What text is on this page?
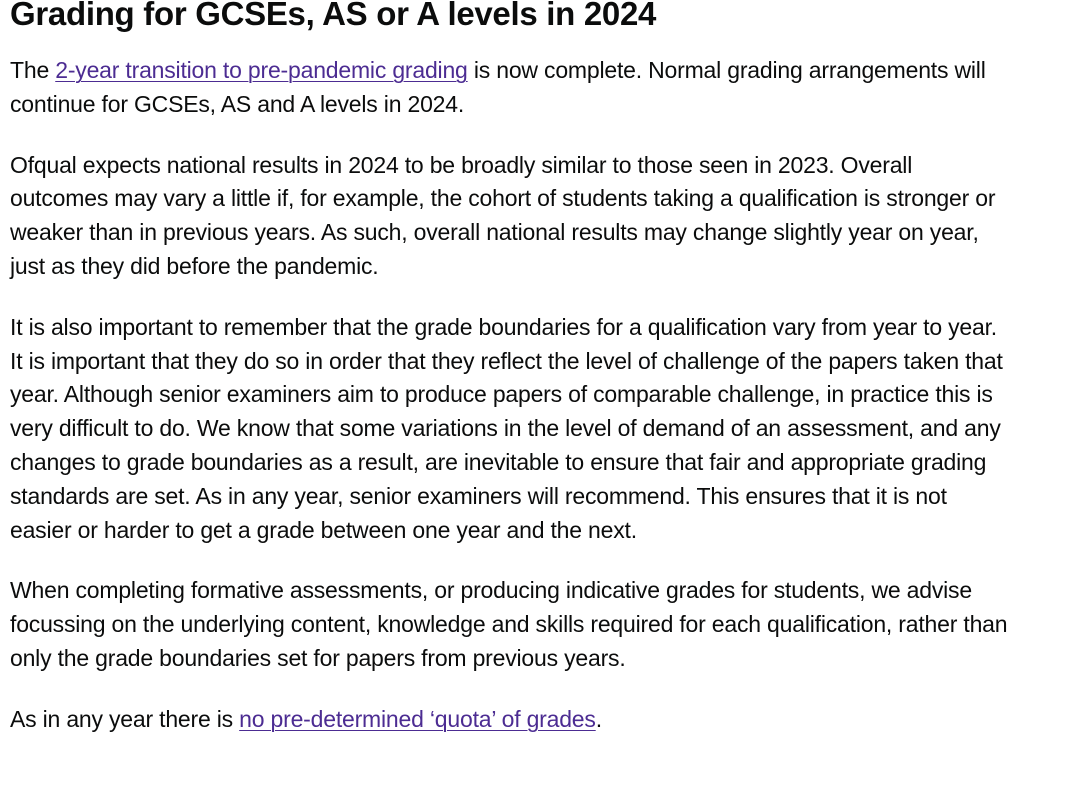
Grading for GCSEs, AS or A levels in 2024

The 2-year transition to pre-pandemic grading is now complete. Normal grading arrangements will continue for GCSEs, AS and A levels in 2024.

Ofqual expects national results in 2024 to be broadly similar to those seen in 2023. Overall outcomes may vary a little if, for example, the cohort of students taking a qualification is stronger or weaker than in previous years. As such, overall national results may change slightly year on year, just as they did before the pandemic.

It is also important to remember that the grade boundaries for a qualification vary from year to year. It is important that they do so in order that they reflect the level of challenge of the papers taken that year. Although senior examiners aim to produce papers of comparable challenge, in practice this is very difficult to do. We know that some variations in the level of demand of an assessment, and any changes to grade boundaries as a result, are inevitable to ensure that fair and appropriate grading standards are set. As in any year, senior examiners will recommend. This ensures that it is not easier or harder to get a grade between one year and the next.

When completing formative assessments, or producing indicative grades for students, we advise focussing on the underlying content, knowledge and skills required for each qualification, rather than only the grade boundaries set for papers from previous years.

As in any year there is no pre-determined ‘quota’ of grades.
